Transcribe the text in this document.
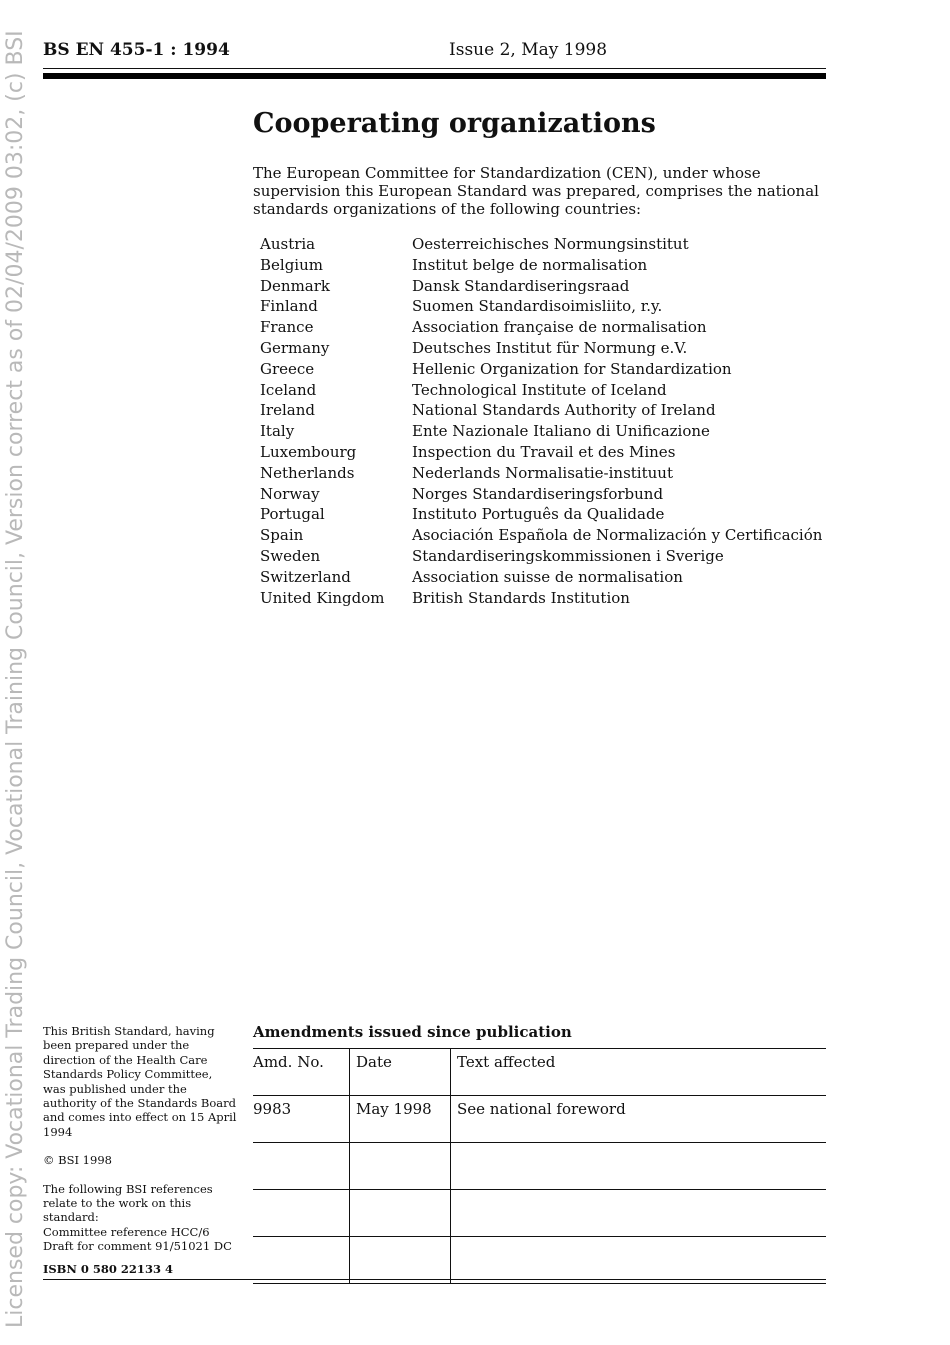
Licensed copy: Vocational Trading Council, Vocational Training Council, Version correct as of 02/04/2009 03:02, (c) BSI BS EN 455-1 : 1994	Issue 2, May 1998
Cooperating organizations

The European Committee for Standardization (CEN), under whose supervision this European Standard was prepared, comprises the national standards organizations of the following countries:

Austria	Oesterreichisches Normungsinstitut
Belgium	Institut belge de normalisation
Denmark	Dansk Standardiseringsraad
Finland	Suomen Standardisoimisliito, r.y.
France	Association française de normalisation
Germany	Deutsches Institut für Normung e.V.
Greece	Hellenic Organization for Standardization
Iceland	Technological Institute of Iceland
Ireland	National Standards Authority of Ireland
Italy	Ente Nazionale Italiano di Unificazione
Luxembourg	Inspection du Travail et des Mines
Netherlands	Nederlands Normalisatie-instituut
Norway	Norges Standardiseringsforbund
Portugal	Instituto Português da Qualidade
Spain	Asociación Española de Normalización y Certificación
Sweden	Standardiseringskommissionen i Sverige
Switzerland	Association suisse de normalisation
United Kingdom	British Standards Institution

This British Standard, having been prepared under the direction of the Health Care Standards Policy Committee, was published under the authority of the Standards Board and comes into effect on 15 April 1994

© BSI 1998

The following BSI references relate to the work on this standard:
Committee reference HCC/6
Draft for comment 91/51021 DC
ISBN 0 580 22133 4
Amendments issued since publication
Amd. No.	Date	Text affected
9983	May 1998	See national foreword
